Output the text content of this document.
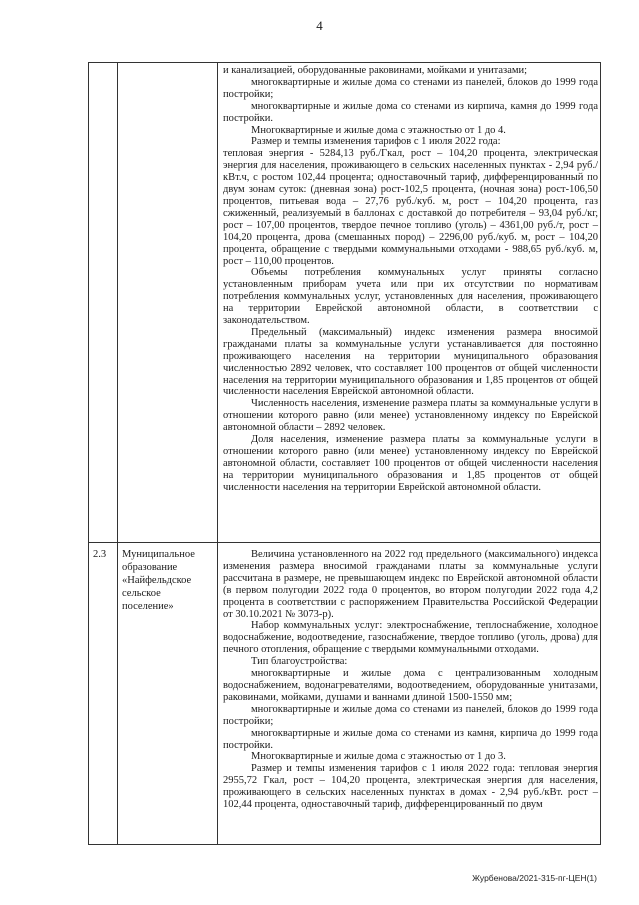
4

и канализацией, оборудованные раковинами, мойками и унитазами;

многоквартирные и жилые дома со стенами из панелей, блоков до 1999 года постройки;

многоквартирные и жилые дома со стенами из кирпича, камня до 1999 года постройки.

Многоквартирные и жилые дома с этажностью от 1 до 4.

Размер и темпы изменения тарифов с 1 июля 2022 года:

тепловая энергия - 5284,13 руб./Гкал, рост – 104,20 процента, электрическая энергия для населения, проживающего в сельских населенных пунктах - 2,94 руб./кВт.ч, с ростом 102,44 процента; одноставочный тариф, дифференцированный по двум зонам суток: (дневная зона) рост-102,5 процента, (ночная зона) рост-106,50 процентов, питьевая вода – 27,76 руб./куб. м, рост – 104,20 процента, газ сжиженный, реализуемый в баллонах с доставкой до потребителя – 93,04 руб./кг, рост – 107,00 процентов, твердое печное топливо (уголь) – 4361,00 руб./т, рост – 104,20 процента, дрова (смешанных пород) – 2296,00 руб./куб. м, рост – 104,20 процента, обращение с твердыми коммунальными отходами - 988,65 руб./куб. м, рост – 110,00 процентов.

Объемы потребления коммунальных услуг приняты согласно установленным приборам учета или при их отсутствии по нормативам потребления коммунальных услуг, установленных для населения, проживающего на территории Еврейской автономной области, в соответствии с законодательством.

Предельный (максимальный) индекс изменения размера вносимой гражданами платы за коммунальные услуги устанавливается для постоянно проживающего населения на территории муниципального образования численностью 2892 человек, что составляет 100 процентов от общей численности населения на территории муниципального образования и 1,85 процентов от общей численности населения Еврейской автономной области.

Численность населения, изменение размера платы за коммунальные услуги в отношении которого равно (или менее) установленному индексу по Еврейской автономной области – 2892 человек.

Доля населения, изменение размера платы за коммунальные услуги в отношении которого равно (или менее) установленному индексу по Еврейской автономной области, составляет 100 процентов от общей численности населения на территории муниципального образования и 1,85 процентов от общей численности населения на территории Еврейской автономной области.

2.3	Муниципальное образование «Найфельдское сельское поселение»

Величина установленного на 2022 год предельного (максимального) индекса изменения размера вносимой гражданами платы за коммунальные услуги рассчитана в размере, не превышающем индекс по Еврейской автономной области (в первом полугодии 2022 года 0 процентов, во втором полугодии 2022 года 4,2 процента в соответствии с распоряжением Правительства Российской Федерации от 30.10.2021 № 3073-р).

Набор коммунальных услуг: электроснабжение, теплоснабжение, холодное водоснабжение, водоотведение, газоснабжение, твердое топливо (уголь, дрова) для печного отопления, обращение с твердыми коммунальными отходами.

Тип благоустройства:

многоквартирные и жилые дома с централизованным холодным водоснабжением, водонагревателями, водоотведением, оборудованные унитазами, раковинами, мойками, душами и ваннами длиной 1500-1550 мм;

многоквартирные и жилые дома со стенами из панелей, блоков до 1999 года постройки;

многоквартирные и жилые дома со стенами из камня, кирпича до 1999 года постройки.

Многоквартирные и жилые дома с этажностью от 1 до 3.

Размер и темпы изменения тарифов с 1 июля 2022 года: тепловая энергия 2955,72 Гкал, рост – 104,20 процента, электрическая энергия для населения, проживающего в сельских населенных пунктах в домах - 2,94 руб./кВт. рост – 102,44 процента, одноставочный тариф, дифференцированный по двум

Журбенова/2021-315-пг-ЦЕН(1)
